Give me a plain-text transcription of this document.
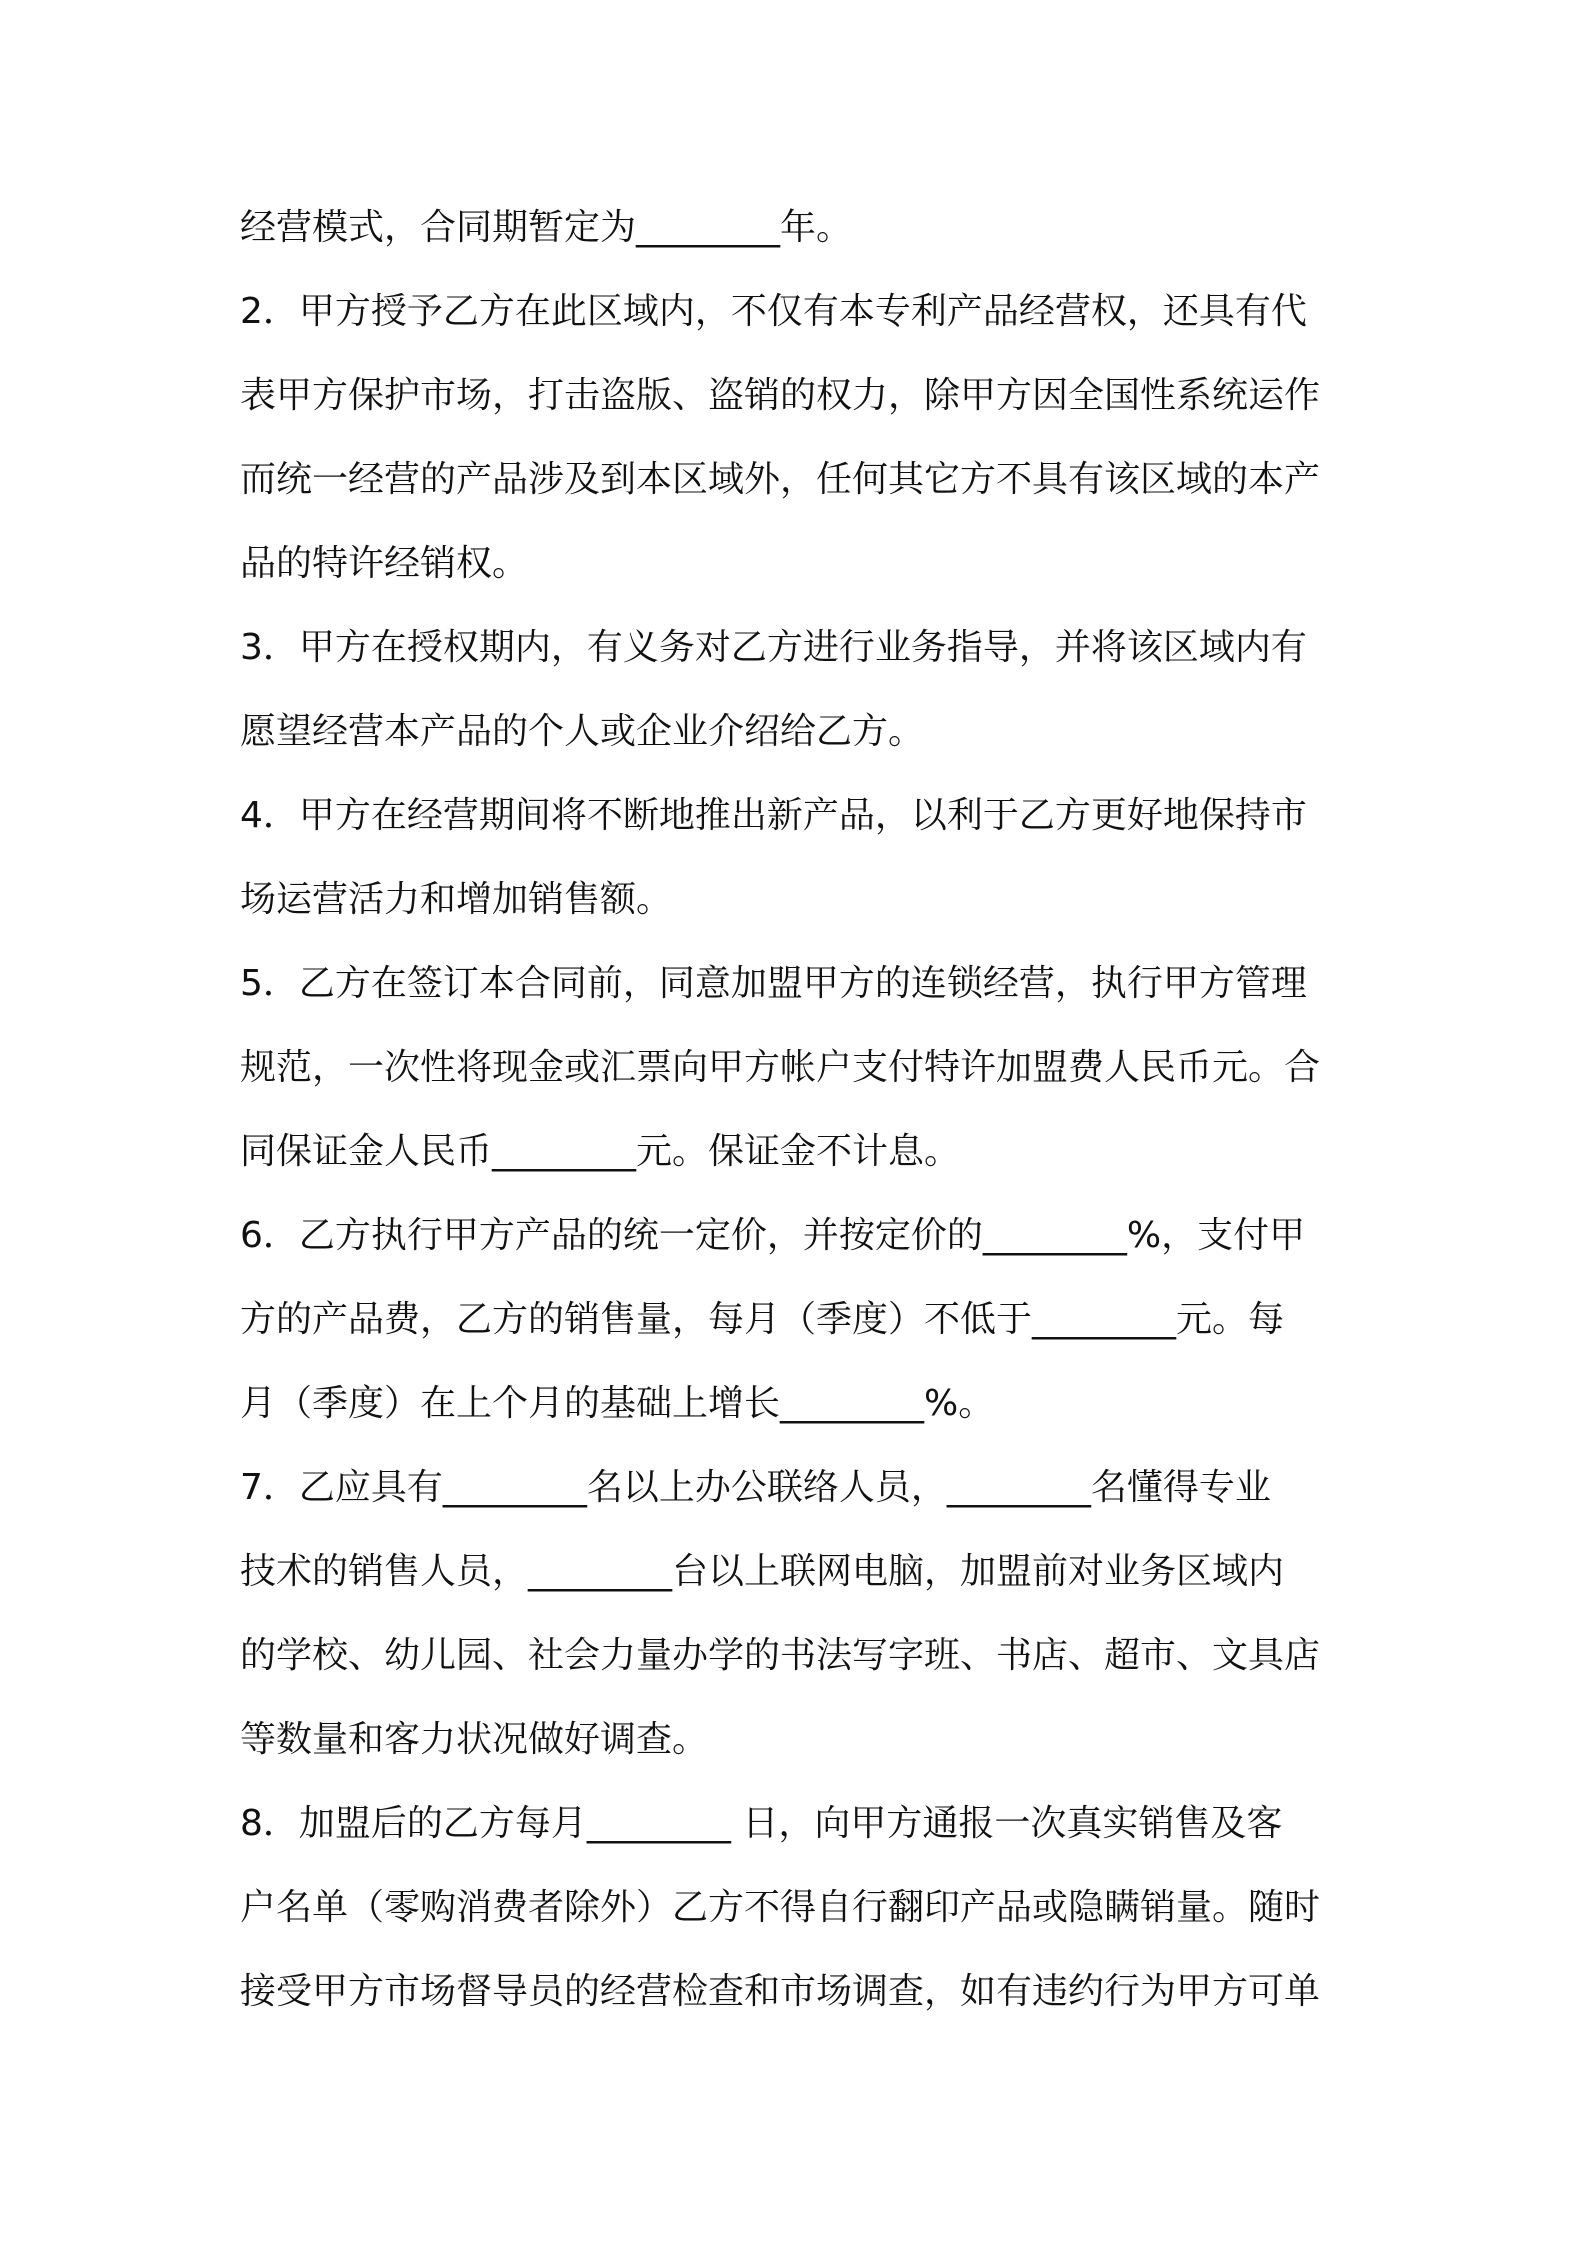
经营模式，合同期暂定为________年。
2．甲方授予乙方在此区域内，不仅有本专利产品经营权，还具有代
表甲方保护市场，打击盗版、盗销的权力，除甲方因全国性系统运作
而统一经营的产品涉及到本区域外，任何其它方不具有该区域的本产
品的特许经销权。
3．甲方在授权期内，有义务对乙方进行业务指导，并将该区域内有
愿望经营本产品的个人或企业介绍给乙方。
4．甲方在经营期间将不断地推出新产品，以利于乙方更好地保持市
场运营活力和增加销售额。
5．乙方在签订本合同前，同意加盟甲方的连锁经营，执行甲方管理
规范，一次性将现金或汇票向甲方帐户支付特许加盟费人民币元。合
同保证金人民币________元。保证金不计息。
6．乙方执行甲方产品的统一定价，并按定价的________%，支付甲
方的产品费，乙方的销售量，每月（季度）不低于________元。每
月（季度）在上个月的基础上增长________%。
7．乙应具有________名以上办公联络人员，________名懂得专业
技术的销售人员，________台以上联网电脑，加盟前对业务区域内
的学校、幼儿园、社会力量办学的书法写字班、书店、超市、文具店
等数量和客力状况做好调查。
8．加盟后的乙方每月________ 日，向甲方通报一次真实销售及客
户名单（零购消费者除外）乙方不得自行翻印产品或隐瞒销量。随时
接受甲方市场督导员的经营检查和市场调查，如有违约行为甲方可单
